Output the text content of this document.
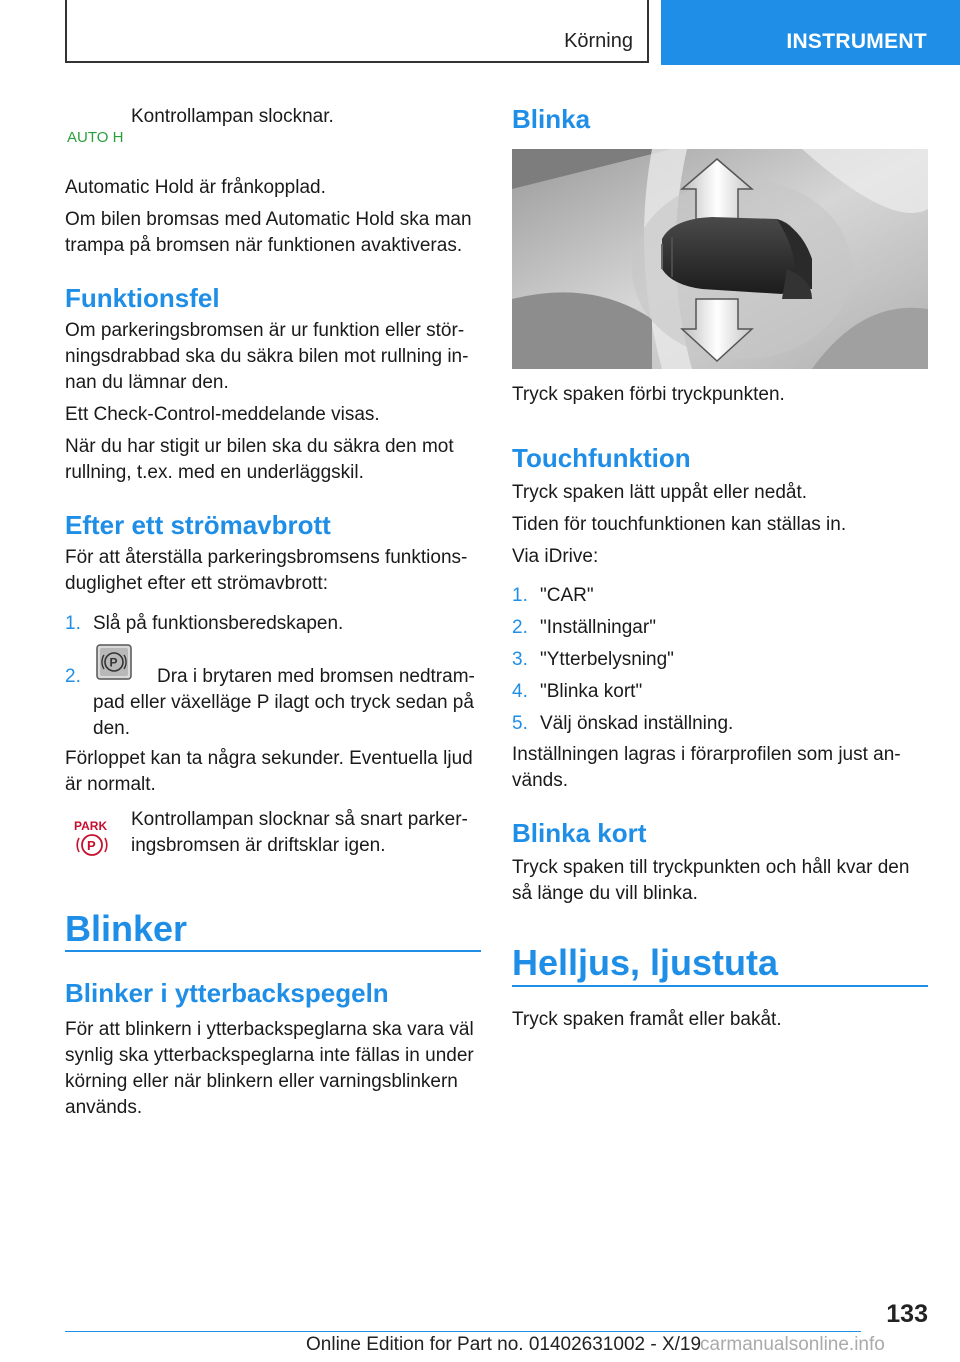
Körning	INSTRUMENT
AUTO H
Kontrollampan slocknar.
Automatic Hold är frånkopplad.
Om bilen bromsas med Automatic Hold ska man
trampa på bromsen när funktionen avaktiveras.
Funktionsfel
Om parkeringsbromsen är ur funktion eller stör-
ningsdrabbad ska du säkra bilen mot rullning in-
nan du lämnar den.
Ett Check-Control-meddelande visas.
När du har stigit ur bilen ska du säkra den mot
rullning, t.ex. med en underläggskil.
Efter ett strömavbrott
För att återställa parkeringsbromsens funktions-
duglighet efter ett strömavbrott:
1. Slå på funktionsberedskapen.
2.	Dra i brytaren med bromsen nedtram-
pad eller växelläge P ilagt och tryck sedan på
den.
Förloppet kan ta några sekunder. Eventuella ljud
är normalt.
Kontrollampan slocknar så snart parker-
ingsbromsen är driftsklar igen.
Blinker
Blinker i ytterbackspegeln
För att blinkern i ytterbackspeglarna ska vara väl
synlig ska ytterbackspeglarna inte fällas in under
körning eller när blinkern eller varningsblinkern
används.
P
PARK
P
Blinka
Tryck spaken förbi tryckpunkten.
Touchfunktion
Tryck spaken lätt uppåt eller nedåt.
Tiden för touchfunktionen kan ställas in.
Via iDrive:
1. "CAR"
2. "Inställningar"
3. "Ytterbelysning"
4. "Blinka kort"
5. Välj önskad inställning.
Inställningen lagras i förarprofilen som just an-
vänds.
Blinka kort
Tryck spaken till tryckpunkten och håll kvar den
så länge du vill blinka.
Helljus, ljustuta
Tryck spaken framåt eller bakåt.
133
Online Edition for Part no. 01402631002 - X/19
carmanualsonline.info
